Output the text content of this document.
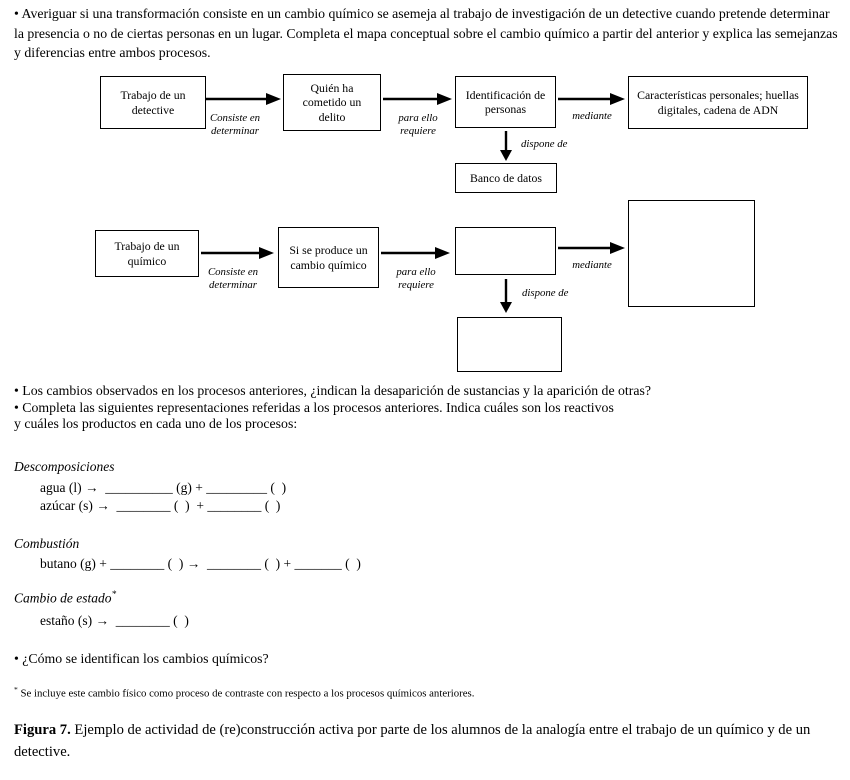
• Averiguar si una transformación consiste en un cambio químico se asemeja al trabajo de investigación de un detective cuando pretende determinar la presencia o no de ciertas personas en un lugar. Completa el mapa conceptual sobre el cambio químico a partir del anterior y explica las semejanzas y diferencias entre ambos procesos.

Trabajo de un detective
Consiste en determinar
Quién ha cometido un delito	para ello requiere
Identificación de personas	mediante
Características personales; huellas digitales, cadena de ADN
dispone de
Banco de datos
Trabajo de un químico
Consiste en determinar
Si se produce un cambio químico
para ello requiere
mediante
dispone de
• Los cambios observados en los procesos anteriores, ¿indican la desaparición de sustancias y la aparición de otras?
• Completa las siguientes representaciones referidas a los procesos anteriores. Indica cuáles son los reactivos
y cuáles los productos en cada uno de los procesos:
Descomposiciones
agua (l) →  __________ (g) + _________ (  )
azúcar (s) →  ________ (  )  + ________ (  )
Combustión
butano (g) + ________ (  ) →  ________ (  ) + _______ (  )
Cambio de estado*
estaño (s) →  ________ (  )
• ¿Cómo se identifican los cambios químicos?
* Se incluye este cambio físico como proceso de contraste con respecto a los procesos químicos anteriores.

Figura 7. Ejemplo de actividad de (re)construcción activa por parte de los alumnos de la analogía entre el trabajo de un químico y de un detective.
